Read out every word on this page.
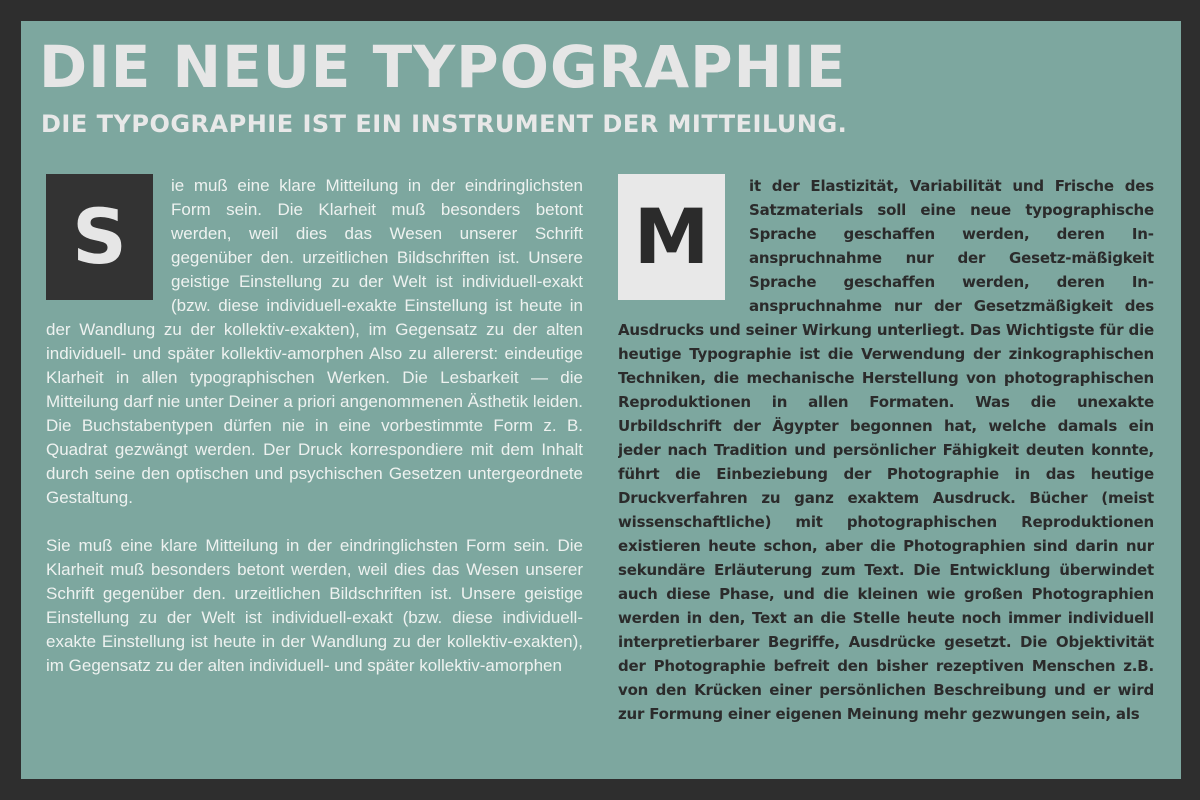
DIE NEUE TYPOGRAPHIE
DIE TYPOGRAPHIE IST EIN INSTRUMENT DER MITTEILUNG.
S

ie muß eine klare Mitteilung in der eindringlichsten Form sein. Die Klarheit muß besonders betont werden, weil dies das Wesen unserer Schrift gegenüber den. urzeitlichen Bildschriften ist. Unsere geistige Einstellung zu der Welt ist individuell-exakt (bzw. diese individuell-exakte Einstellung ist heute in der Wandlung zu der kollektiv-exakten), im Gegensatz zu der alten individuell- und später kollektiv-amorphen Also zu allererst: eindeutige Klarheit in allen typographischen Werken. Die Lesbarkeit — die Mitteilung darf nie unter Deiner a priori angenommenen Ästhetik leiden. Die Buchstabentypen dürfen nie in eine vorbestimmte Form z. B. Quadrat gezwängt werden. Der Druck korrespondiere mit dem Inhalt durch seine den optischen und psychischen Gesetzen untergeordnete Gestaltung.

Sie muß eine klare Mitteilung in der eindringlichsten Form sein. Die Klarheit muß besonders betont werden, weil dies das Wesen unserer Schrift gegenüber den. urzeitlichen Bildschriften ist. Unsere geistige Einstellung zu der Welt ist individuell-exakt (bzw. diese individuell-exakte Einstellung ist heute in der Wandlung zu der kollektiv-exakten), im Gegensatz zu der alten individuell- und später kollektiv-amorphen

M

it der Elastizität, Variabilität und Frische des Satzmaterials soll eine neue typographische Sprache geschaffen werden, deren Inanspruchnahme nur der Gesetz-mäßigkeit Sprache geschaffen werden, deren Inanspruchnahme nur der Gesetzmäßigkeit des Ausdrucks und seiner Wirkung unterliegt. Das Wichtigste für die heutige Typographie ist die Verwendung der zinkographischen Techniken, die mechanische Herstellung von photographischen Reproduktionen in allen Formaten. Was die unexakte Urbildschrift der Ägypter begonnen hat, welche damals ein jeder nach Tradition und persönlicher Fähigkeit deuten konnte, führt die Einbeziebung der Photographie in das heutige Druckverfahren zu ganz exaktem Ausdruck. Bücher (meist wissenschaftliche) mit photographischen Reproduktionen existieren heute schon, aber die Photographien sind darin nur sekundäre Erläuterung zum Text. Die Entwicklung überwindet auch diese Phase, und die kleinen wie großen Photographien werden in den, Text an die Stelle heute noch immer individuell interpretierbarer Begriffe, Ausdrücke gesetzt. Die Objektivität der Photographie befreit den bisher rezeptiven Menschen z.B. von den Krücken einer persönlichen Beschreibung und er wird zur Formung einer eigenen Meinung mehr gezwungen sein, als
